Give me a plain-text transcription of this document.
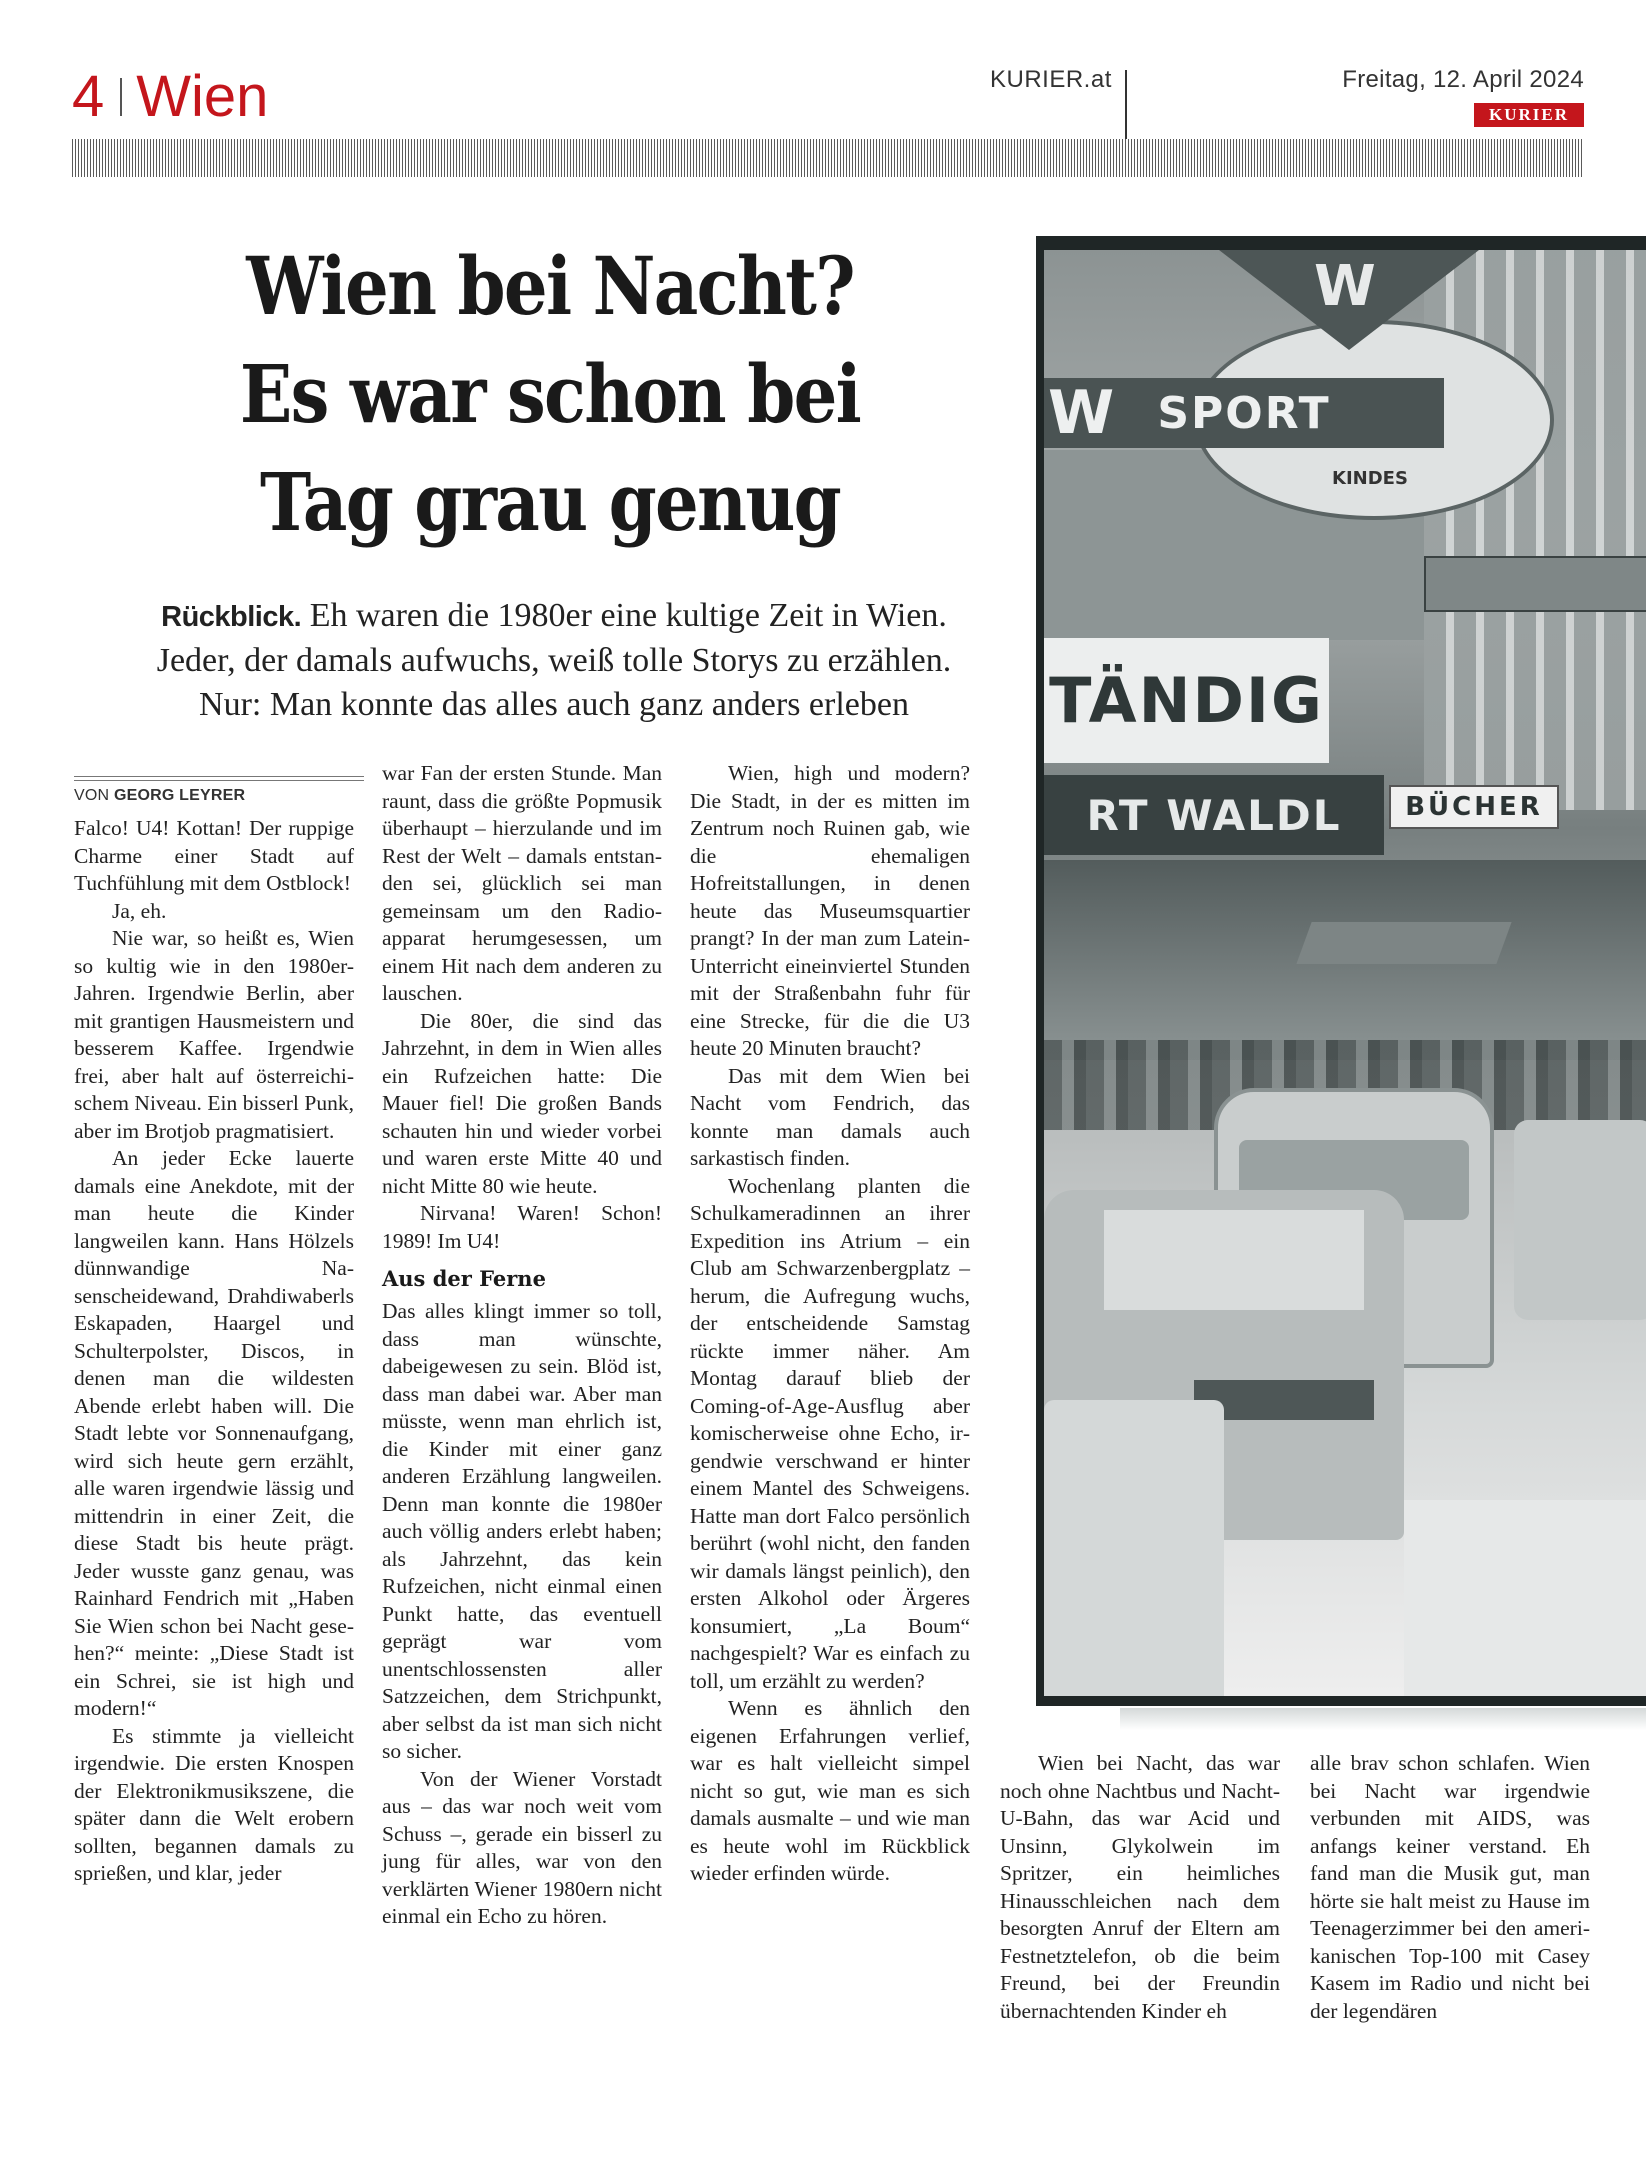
4 Wien	KURIER.at	Freitag, 12. April 2024
KURIER
Wien bei Nacht?
Es war schon bei
Tag grau genug
Rückblick. Eh waren die 1980er eine kultige Zeit in Wien.
Jeder, der damals aufwuchs, weiß tolle Storys zu erzählen.
Nur: Man konnte das alles auch ganz anders erleben
VON GEORG LEYRER

Falco! U4! Kottan! Der ruppige Charme einer Stadt auf Tuchfühlung mit dem Ostblock!

Ja, eh.

Nie war, so heißt es, Wien so kultig wie in den 1980er-Jahren. Irgendwie Berlin, aber mit grantigen Hausmeistern und besserem Kaffee. Irgendwie frei, aber halt auf österreichischem Niveau. Ein bisserl Punk, aber im Brotjob pragmatisiert.

An jeder Ecke lauerte damals eine Anekdote, mit der man heute die Kinder langweilen kann. Hans Hölzels dünnwandige Nasenscheidewand, Drahdiwaberls Eskapaden, Haargel und Schulterpolster, Discos, in denen man die wildesten Abende erlebt haben will. Die Stadt lebte vor Sonnenaufgang, wird sich heute gern erzählt, alle waren irgendwie lässig und mittendrin in einer Zeit, die diese Stadt bis heute prägt. Jeder wusste ganz genau, was Rainhard Fendrich mit „Haben Sie Wien schon bei Nacht gesehen?“ meinte: „Diese Stadt ist ein Schrei, sie ist high und modern!“

Es stimmte ja vielleicht irgendwie. Die ersten Knospen der Elektronikmusikszene, die später dann die Welt erobern sollten, begannen damals zu sprießen, und klar, jeder

war Fan der ersten Stunde. Man raunt, dass die größte Popmusik überhaupt – hierzulande und im Rest der Welt – damals entstanden sei, glücklich sei man gemeinsam um den Radioapparat herumgesessen, um einem Hit nach dem anderen zu lauschen.

Die 80er, die sind das Jahrzehnt, in dem in Wien alles ein Rufzeichen hatte: Die Mauer fiel! Die großen Bands schauten hin und wieder vorbei und waren erste Mitte 40 und nicht Mitte 80 wie heute.

Nirvana! Waren! Schon! 1989! Im U4!

Aus der Ferne

Das alles klingt immer so toll, dass man wünschte, dabeigewesen zu sein. Blöd ist, dass man dabei war. Aber man müsste, wenn man ehrlich ist, die Kinder mit einer ganz anderen Erzählung langweilen. Denn man konnte die 1980er auch völlig anders erlebt haben; als Jahrzehnt, das kein Rufzeichen, nicht einmal einen Punkt hatte, das eventuell geprägt war vom unentschlossensten aller Satzzeichen, dem Strichpunkt, aber selbst da ist man sich nicht so sicher.

Von der Wiener Vorstadt aus – das war noch weit vom Schuss –, gerade ein bisserl zu jung für alles, war von den verklärten Wiener 1980ern nicht einmal ein Echo zu hören.

Wien, high und modern? Die Stadt, in der es mitten im Zentrum noch Ruinen gab, wie die ehemaligen Hofreitstallungen, in denen heute das Museumsquartier prangt? In der man zum Latein-Unterricht eineinviertel Stunden mit der Straßenbahn fuhr für eine Strecke, für die die U3 heute 20 Minuten braucht?

Das mit dem Wien bei Nacht vom Fendrich, das konnte man damals auch sarkastisch finden.

Wochenlang planten die Schulkameradinnen an ihrer Expedition ins Atrium – ein Club am Schwarzenbergplatz – herum, die Aufregung wuchs, der entscheidende Samstag rückte immer näher. Am Montag darauf blieb der Coming-of-Age-Ausflug aber komischerweise ohne Echo, irgendwie verschwand er hinter einem Mantel des Schweigens. Hatte man dort Falco persönlich berührt (wohl nicht, den fanden wir damals längst peinlich), den ersten Alkohol oder Ärgeres konsumiert, „La Boum“ nachgespielt? War es einfach zu toll, um erzählt zu werden?

Wenn es ähnlich den eigenen Erfahrungen verlief, war es halt vielleicht simpel nicht so gut, wie man es sich damals ausmalte – und wie man es heute wohl im Rückblick wieder erfinden würde.

W
W SPORT
KINDES
TÄNDIG
RT WALDL	BÜCHER

Wien bei Nacht, das war noch ohne Nachtbus und Nacht-U-Bahn, das war Acid und Unsinn, Glykolwein im Spritzer, ein heimliches Hinausschleichen nach dem besorgten Anruf der Eltern am Festnetztelefon, ob die beim Freund, bei der Freundin übernachtenden Kinder eh

alle brav schon schlafen. Wien bei Nacht war irgendwie verbunden mit AIDS, was anfangs keiner verstand. Eh fand man die Musik gut, man hörte sie halt meist zu Hause im Teenagerzimmer bei den amerikanischen Top-100 mit Casey Kasem im Radio und nicht bei der legendären
